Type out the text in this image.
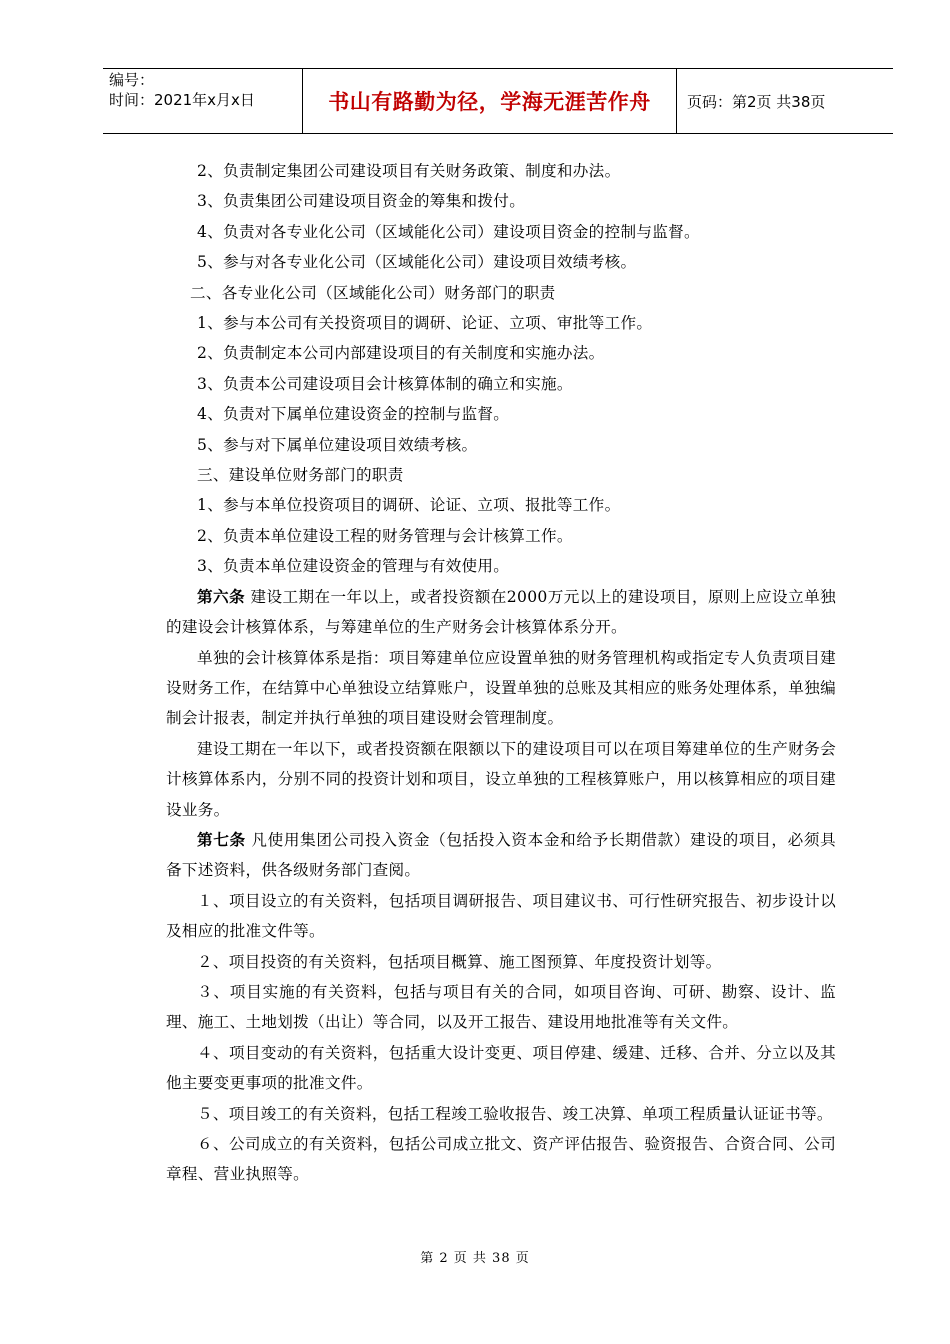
编号：
时间：2021年x月x日	书山有路勤为径，学海无涯苦作舟	页码：第2页 共38页

2、负责制定集团公司建设项目有关财务政策、制度和办法。

3、负责集团公司建设项目资金的筹集和拨付。

4、负责对各专业化公司（区域能化公司）建设项目资金的控制与监督。

5、参与对各专业化公司（区域能化公司）建设项目效绩考核。

二、各专业化公司（区域能化公司）财务部门的职责

1、参与本公司有关投资项目的调研、论证、立项、审批等工作。

2、负责制定本公司内部建设项目的有关制度和实施办法。

3、负责本公司建设项目会计核算体制的确立和实施。

4、负责对下属单位建设资金的控制与监督。

5、参与对下属单位建设项目效绩考核。

三、建设单位财务部门的职责

1、参与本单位投资项目的调研、论证、立项、报批等工作。

2、负责本单位建设工程的财务管理与会计核算工作。

3、负责本单位建设资金的管理与有效使用。

第六条 建设工期在一年以上，或者投资额在2000万元以上的建设项目，原则上应设立单独的建设会计核算体系，与筹建单位的生产财务会计核算体系分开。

单独的会计核算体系是指：项目筹建单位应设置单独的财务管理机构或指定专人负责项目建设财务工作，在结算中心单独设立结算账户，设置单独的总账及其相应的账务处理体系，单独编制会计报表，制定并执行单独的项目建设财会管理制度。

建设工期在一年以下，或者投资额在限额以下的建设项目可以在项目筹建单位的生产财务会计核算体系内，分别不同的投资计划和项目，设立单独的工程核算账户，用以核算相应的项目建设业务。

第七条 凡使用集团公司投入资金（包括投入资本金和给予长期借款）建设的项目，必须具备下述资料，供各级财务部门查阅。

１、项目设立的有关资料，包括项目调研报告、项目建议书、可行性研究报告、初步设计以及相应的批准文件等。

２、项目投资的有关资料，包括项目概算、施工图预算、年度投资计划等。

３、项目实施的有关资料，包括与项目有关的合同，如项目咨询、可研、勘察、设计、监理、施工、土地划拨（出让）等合同，以及开工报告、建设用地批准等有关文件。

４、项目变动的有关资料，包括重大设计变更、项目停建、缓建、迁移、合并、分立以及其他主要变更事项的批准文件。

５、项目竣工的有关资料，包括工程竣工验收报告、竣工决算、单项工程质量认证证书等。

６、公司成立的有关资料，包括公司成立批文、资产评估报告、验资报告、合资合同、公司章程、营业执照等。

第 2 页 共 38 页
